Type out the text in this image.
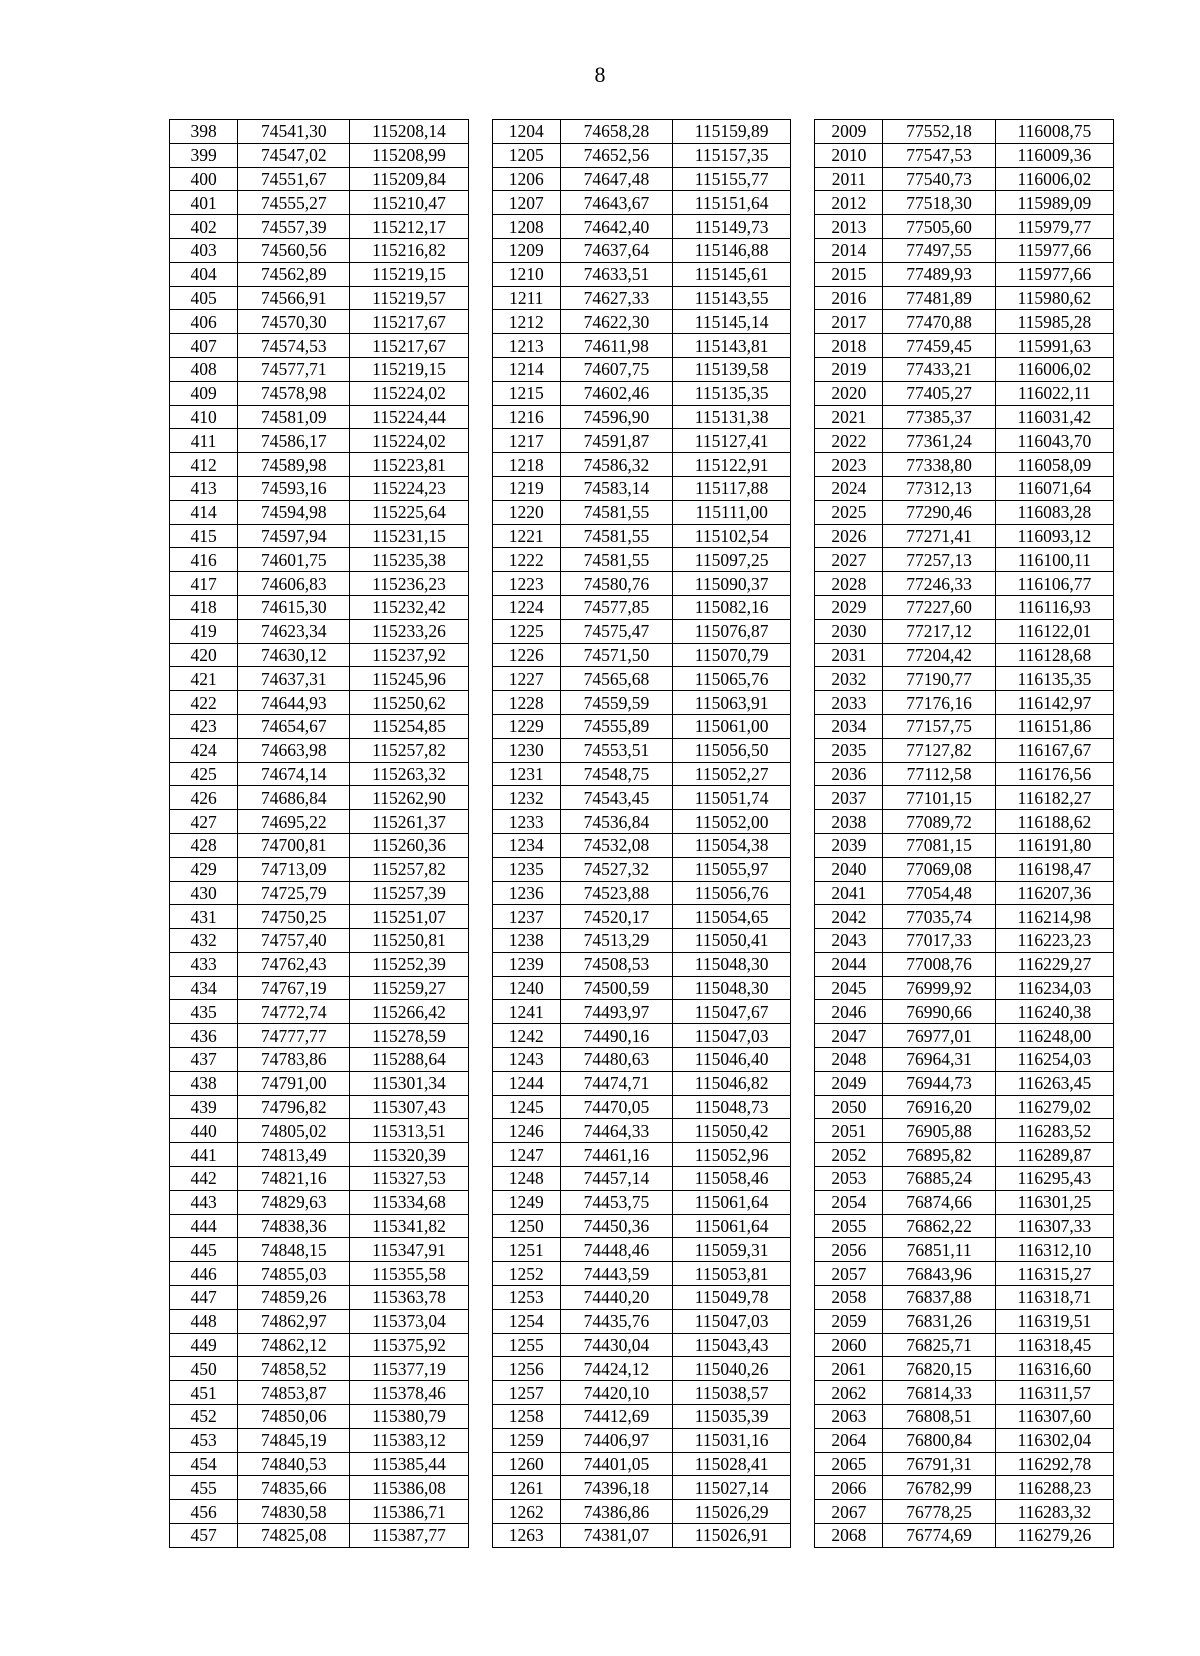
8
398	74541,30	115208,14		1204	74658,28	115159,89		2009	77552,18	116008,75
399	74547,02	115208,99		1205	74652,56	115157,35		2010	77547,53	116009,36
400	74551,67	115209,84		1206	74647,48	115155,77		2011	77540,73	116006,02
401	74555,27	115210,47		1207	74643,67	115151,64		2012	77518,30	115989,09
402	74557,39	115212,17		1208	74642,40	115149,73		2013	77505,60	115979,77
403	74560,56	115216,82		1209	74637,64	115146,88		2014	77497,55	115977,66
404	74562,89	115219,15		1210	74633,51	115145,61		2015	77489,93	115977,66
405	74566,91	115219,57		1211	74627,33	115143,55		2016	77481,89	115980,62
406	74570,30	115217,67		1212	74622,30	115145,14		2017	77470,88	115985,28
407	74574,53	115217,67		1213	74611,98	115143,81		2018	77459,45	115991,63
408	74577,71	115219,15		1214	74607,75	115139,58		2019	77433,21	116006,02
409	74578,98	115224,02		1215	74602,46	115135,35		2020	77405,27	116022,11
410	74581,09	115224,44		1216	74596,90	115131,38		2021	77385,37	116031,42
411	74586,17	115224,02		1217	74591,87	115127,41		2022	77361,24	116043,70
412	74589,98	115223,81		1218	74586,32	115122,91		2023	77338,80	116058,09
413	74593,16	115224,23		1219	74583,14	115117,88		2024	77312,13	116071,64
414	74594,98	115225,64		1220	74581,55	115111,00		2025	77290,46	116083,28
415	74597,94	115231,15		1221	74581,55	115102,54		2026	77271,41	116093,12
416	74601,75	115235,38		1222	74581,55	115097,25		2027	77257,13	116100,11
417	74606,83	115236,23		1223	74580,76	115090,37		2028	77246,33	116106,77
418	74615,30	115232,42		1224	74577,85	115082,16		2029	77227,60	116116,93
419	74623,34	115233,26		1225	74575,47	115076,87		2030	77217,12	116122,01
420	74630,12	115237,92		1226	74571,50	115070,79		2031	77204,42	116128,68
421	74637,31	115245,96		1227	74565,68	115065,76		2032	77190,77	116135,35
422	74644,93	115250,62		1228	74559,59	115063,91		2033	77176,16	116142,97
423	74654,67	115254,85		1229	74555,89	115061,00		2034	77157,75	116151,86
424	74663,98	115257,82		1230	74553,51	115056,50		2035	77127,82	116167,67
425	74674,14	115263,32		1231	74548,75	115052,27		2036	77112,58	116176,56
426	74686,84	115262,90		1232	74543,45	115051,74		2037	77101,15	116182,27
427	74695,22	115261,37		1233	74536,84	115052,00		2038	77089,72	116188,62
428	74700,81	115260,36		1234	74532,08	115054,38		2039	77081,15	116191,80
429	74713,09	115257,82		1235	74527,32	115055,97		2040	77069,08	116198,47
430	74725,79	115257,39		1236	74523,88	115056,76		2041	77054,48	116207,36
431	74750,25	115251,07		1237	74520,17	115054,65		2042	77035,74	116214,98
432	74757,40	115250,81		1238	74513,29	115050,41		2043	77017,33	116223,23
433	74762,43	115252,39		1239	74508,53	115048,30		2044	77008,76	116229,27
434	74767,19	115259,27		1240	74500,59	115048,30		2045	76999,92	116234,03
435	74772,74	115266,42		1241	74493,97	115047,67		2046	76990,66	116240,38
436	74777,77	115278,59		1242	74490,16	115047,03		2047	76977,01	116248,00
437	74783,86	115288,64		1243	74480,63	115046,40		2048	76964,31	116254,03
438	74791,00	115301,34		1244	74474,71	115046,82		2049	76944,73	116263,45
439	74796,82	115307,43		1245	74470,05	115048,73		2050	76916,20	116279,02
440	74805,02	115313,51		1246	74464,33	115050,42		2051	76905,88	116283,52
441	74813,49	115320,39		1247	74461,16	115052,96		2052	76895,82	116289,87
442	74821,16	115327,53		1248	74457,14	115058,46		2053	76885,24	116295,43
443	74829,63	115334,68		1249	74453,75	115061,64		2054	76874,66	116301,25
444	74838,36	115341,82		1250	74450,36	115061,64		2055	76862,22	116307,33
445	74848,15	115347,91		1251	74448,46	115059,31		2056	76851,11	116312,10
446	74855,03	115355,58		1252	74443,59	115053,81		2057	76843,96	116315,27
447	74859,26	115363,78		1253	74440,20	115049,78		2058	76837,88	116318,71
448	74862,97	115373,04		1254	74435,76	115047,03		2059	76831,26	116319,51
449	74862,12	115375,92		1255	74430,04	115043,43		2060	76825,71	116318,45
450	74858,52	115377,19		1256	74424,12	115040,26		2061	76820,15	116316,60
451	74853,87	115378,46		1257	74420,10	115038,57		2062	76814,33	116311,57
452	74850,06	115380,79		1258	74412,69	115035,39		2063	76808,51	116307,60
453	74845,19	115383,12		1259	74406,97	115031,16		2064	76800,84	116302,04
454	74840,53	115385,44		1260	74401,05	115028,41		2065	76791,31	116292,78
455	74835,66	115386,08		1261	74396,18	115027,14		2066	76782,99	116288,23
456	74830,58	115386,71		1262	74386,86	115026,29		2067	76778,25	116283,32
457	74825,08	115387,77		1263	74381,07	115026,91		2068	76774,69	116279,26
